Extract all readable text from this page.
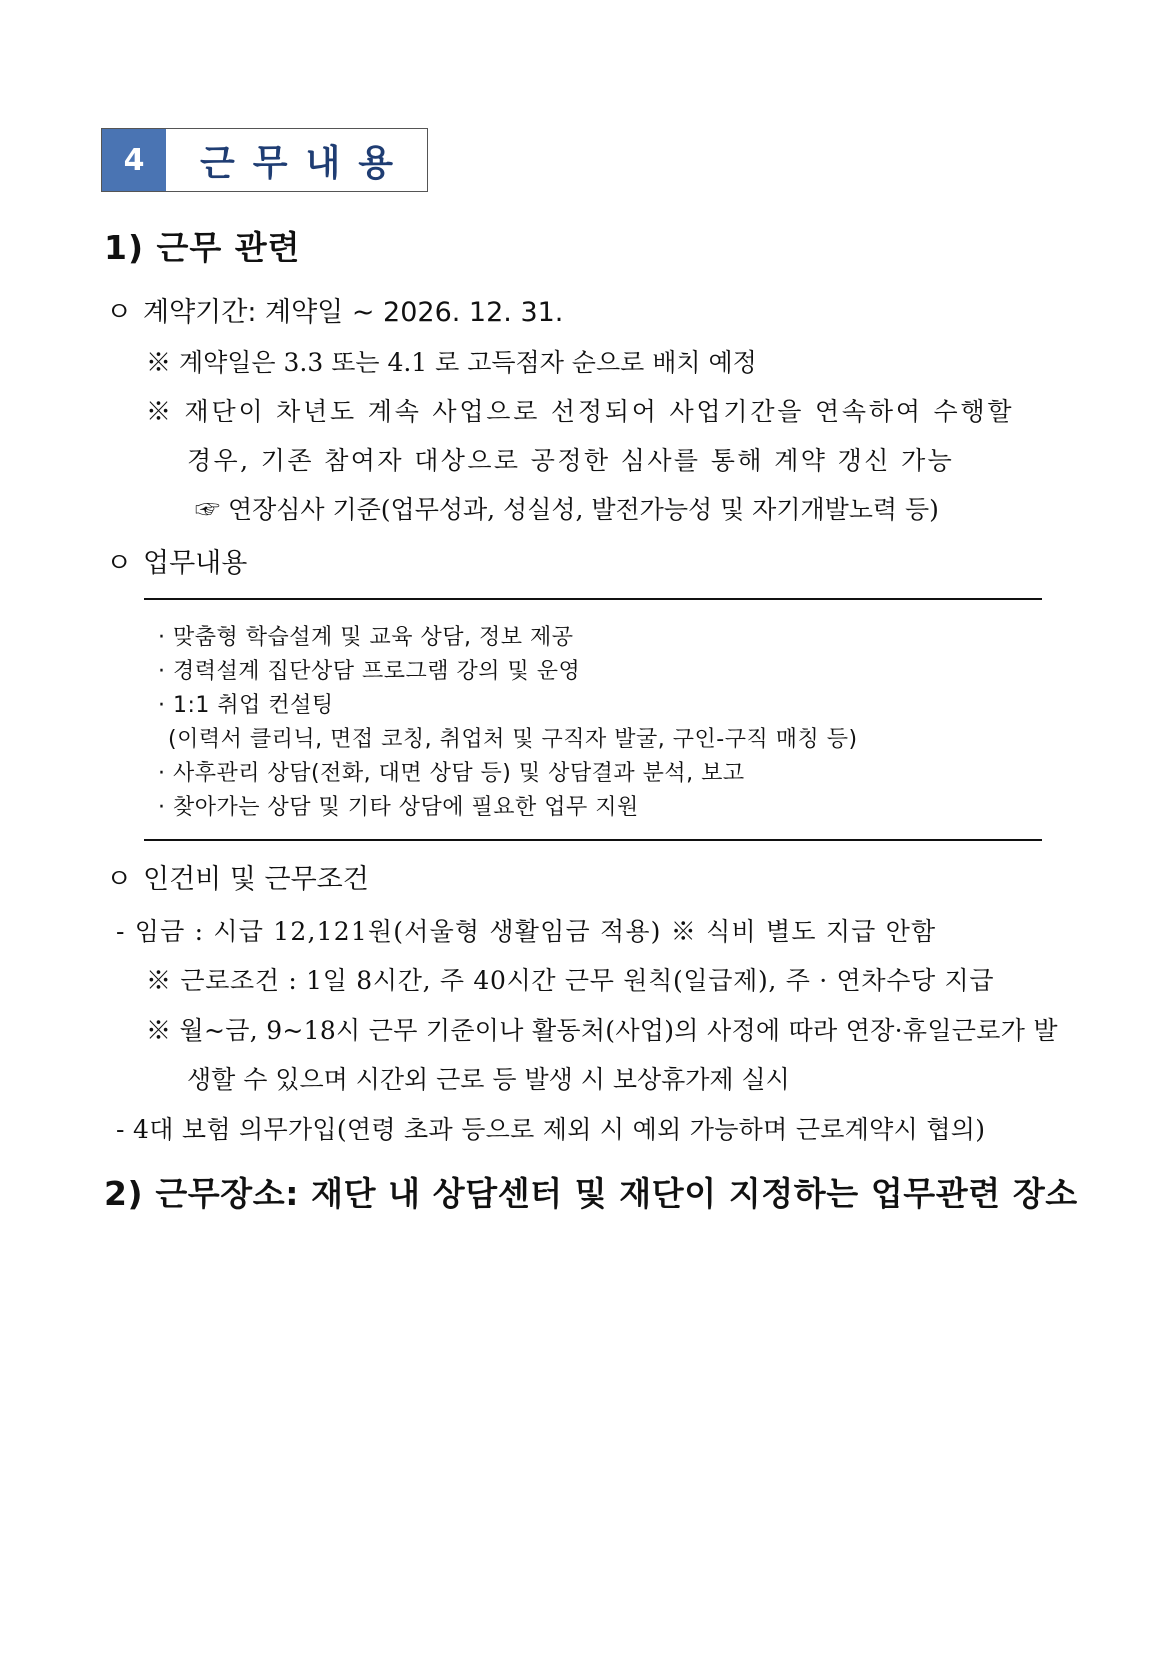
4	근무내용
1) 근무 관련
ㅇ 계약기간: 계약일 ~ 2026. 12. 31.
※ 계약일은 3.3 또는 4.1 로 고득점자 순으로 배치 예정
※ 재단이 차년도 계속 사업으로 선정되어 사업기간을 연속하여 수행할
경우, 기존 참여자 대상으로 공정한 심사를 통해 계약 갱신 가능
☞ 연장심사 기준(업무성과, 성실성, 발전가능성 및 자기개발노력 등)
ㅇ 업무내용
· 맞춤형 학습설계 및 교육 상담, 정보 제공
· 경력설계 집단상담 프로그램 강의 및 운영
· 1:1 취업 컨설팅
(이력서 클리닉, 면접 코칭, 취업처 및 구직자 발굴, 구인-구직 매칭 등)
· 사후관리 상담(전화, 대면 상담 등) 및 상담결과 분석, 보고
· 찾아가는 상담 및 기타 상담에 필요한 업무 지원
ㅇ 인건비 및 근무조건
- 임금 : 시급 12,121원(서울형 생활임금 적용) ※ 식비 별도 지급 안함
※ 근로조건 : 1일 8시간, 주 40시간 근무 원칙(일급제), 주 · 연차수당 지급
※ 월~금, 9~18시 근무 기준이나 활동처(사업)의 사정에 따라 연장·휴일근로가 발
생할 수 있으며 시간외 근로 등 발생 시 보상휴가제 실시
- 4대 보험 의무가입(연령 초과 등으로 제외 시 예외 가능하며 근로계약시 협의)
2) 근무장소: 재단 내 상담센터 및 재단이 지정하는 업무관련 장소
